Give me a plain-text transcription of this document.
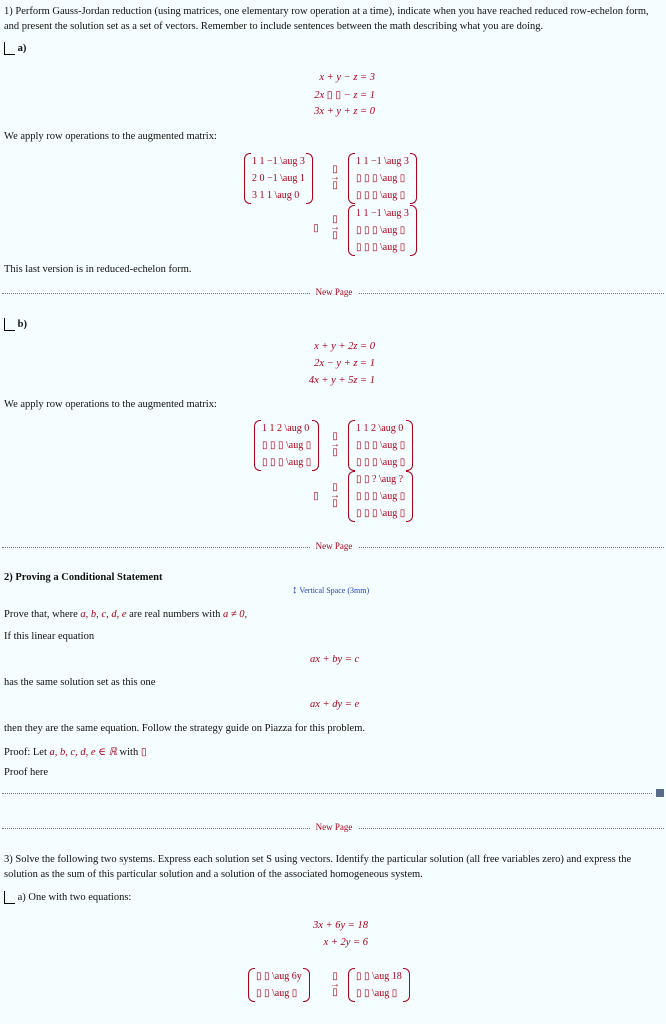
1) Perform Gauss-Jordan reduction (using matrices, one elementary row operation at a time), indicate when you have reached reduced row-echelon form, and present the solution set as a set of vectors. Remember to include sentences between the math describing what you are doing.
a)
x + y − z = 3
2x ▯ ▯ − z = 1
3x + y + z = 0
We apply row operations to the augmented matrix:
1 1 −1 \aug 3
2 0 −1 \aug 1
3 1 1 \aug 0
▯
→
▯
1 1 −1 \aug 3
▯ ▯ ▯ \aug ▯
▯ ▯ ▯ \aug ▯
▯
▯
→
▯
1 1 −1 \aug 3
▯ ▯ ▯ \aug ▯
▯ ▯ ▯ \aug ▯
This last version is in reduced-echelon form.
New Page
b)
x + y + 2z = 0
2x − y + z = 1
4x + y + 5z = 1
We apply row operations to the augmented matrix:
1 1 2 \aug 0
▯ ▯ ▯ \aug ▯
▯ ▯ ▯ \aug ▯
▯
→
▯
1 1 2 \aug 0
▯ ▯ ▯ \aug ▯
▯ ▯ ▯ \aug ▯
▯
▯
→
▯
▯ ▯ ? \aug ?
▯ ▯ ▯ \aug ▯
▯ ▯ ▯ \aug ▯
New Page
2) Proving a Conditional Statement
↕ Vertical Space (3mm)
Prove that, where a, b, c, d, e are real numbers with a ≠ 0,
If this linear equation
ax + by = c
has the same solution set as this one
ax + dy = e
then they are the same equation. Follow the strategy guide on Piazza for this problem.
Proof: Let a, b, c, d, e ∈ ℝ with ▯
Proof here
New Page
3) Solve the following two systems. Express each solution set S using vectors. Identify the particular solution (all free variables zero) and express the solution as the sum of this particular solution and a solution of the associated homogeneous system.
a) One with two equations:
3x + 6y = 18
x + 2y = 6
▯ ▯ \aug 6y
▯ ▯ \aug ▯
▯
→
▯
▯ ▯ \aug 18
▯ ▯ \aug ▯
